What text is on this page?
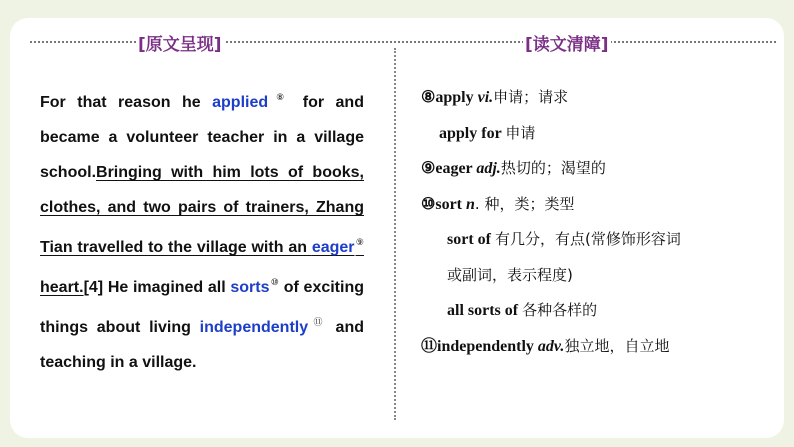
[原文呈现]	[读文清障]
For that reason he applied⑧ for and became a volunteer teacher in a village school.Bringing with him lots of books, clothes, and two pairs of trainers, Zhang Tian travelled to the village with an eager⑨ heart.[4] He imagined all sorts⑩ of exciting things about living independently⑪ and teaching in a village.
⑧apply vi.申请；请求
apply for 申请
⑨eager adj.热切的；渴望的
⑩sort n. 种，类；类型
sort of 有几分，有点(常修饰形容词
或副词，表示程度)
all sorts of 各种各样的
⑪independently adv.独立地，自立地
